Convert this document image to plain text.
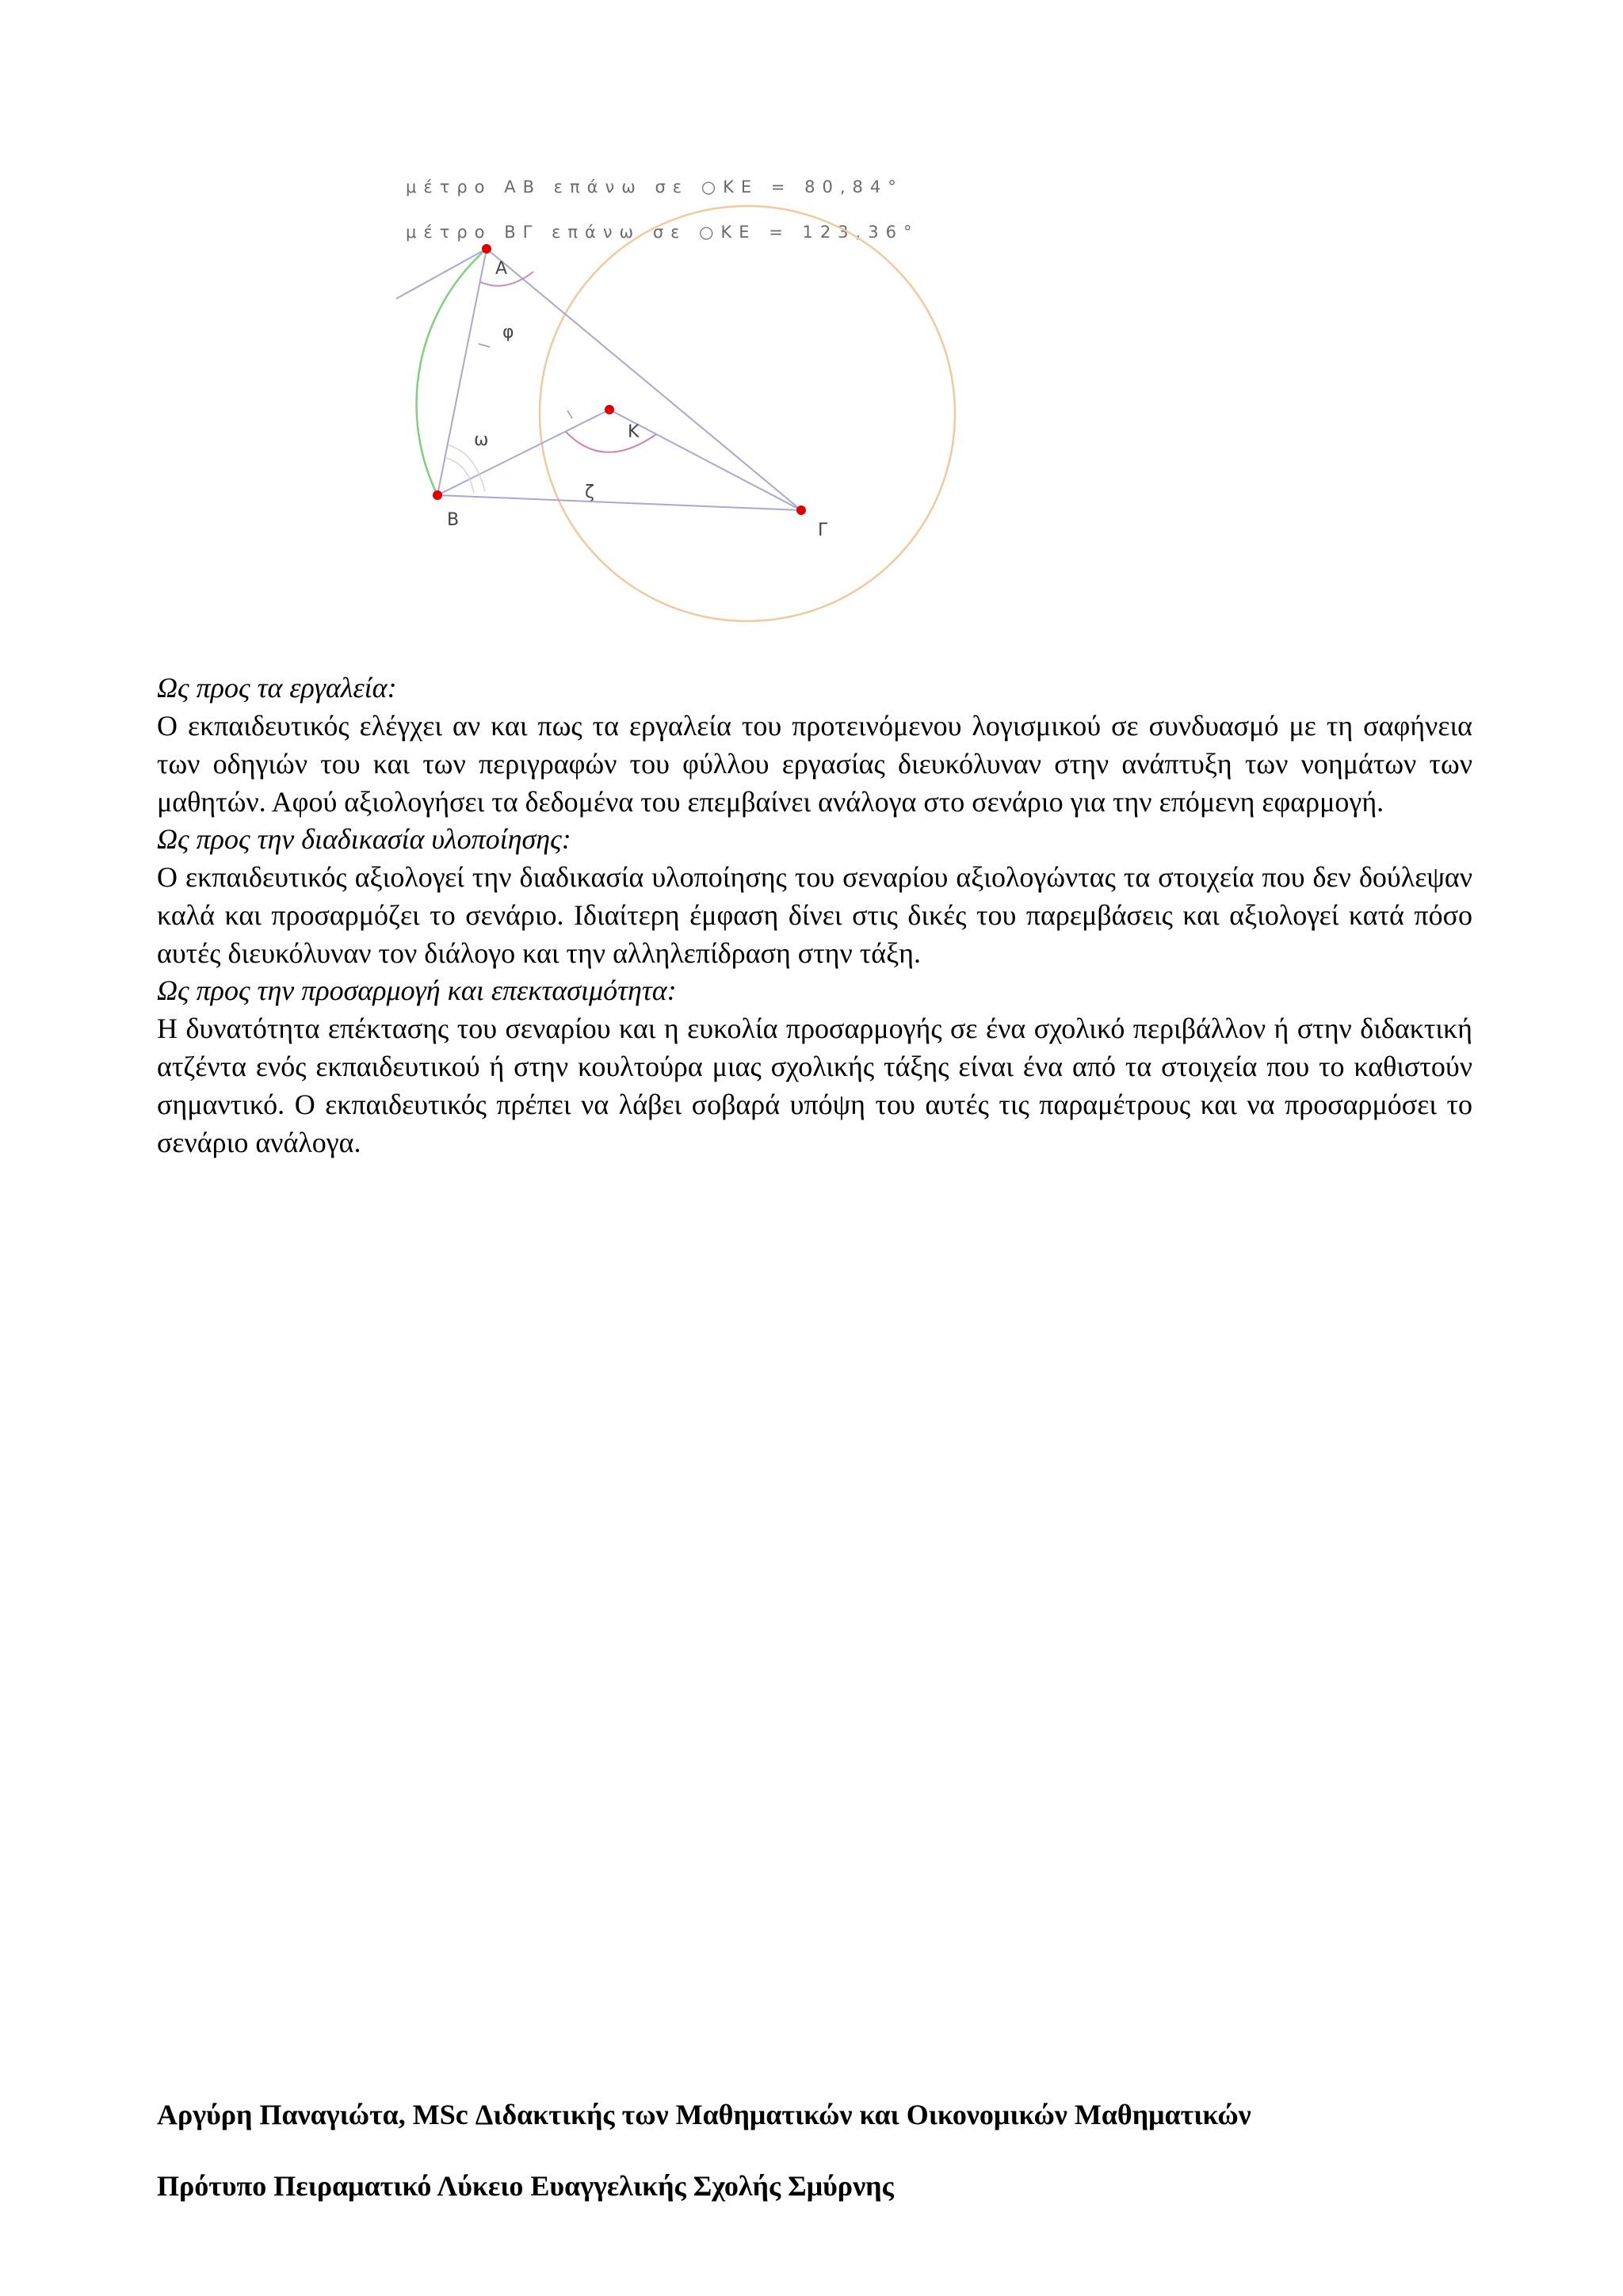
μέτρο ΑΒ επάνω σε ○ΚΕ = 80,84°
μέτρο ΒΓ επάνω σε ○ΚΕ = 123,36°
Α
Β
Γ
Κ
φ
ω
ζ

Ως προς τα εργαλεία:

Ο εκπαιδευτικός ελέγχει αν και πως τα εργαλεία του προτεινόμενου λογισμικού σε συνδυασμό με τη σαφήνεια των οδηγιών του και των περιγραφών του φύλλου εργασίας διευκόλυναν στην ανάπτυξη των νοημάτων των μαθητών. Αφού αξιολογήσει τα δεδομένα του επεμβαίνει ανάλογα στο σενάριο για την επόμενη εφαρμογή.

Ως προς την διαδικασία υλοποίησης:

Ο εκπαιδευτικός αξιολογεί την διαδικασία υλοποίησης του σεναρίου αξιολογώντας τα στοιχεία που δεν δούλεψαν καλά και προσαρμόζει το σενάριο. Ιδιαίτερη έμφαση δίνει στις δικές του παρεμβάσεις και αξιολογεί κατά πόσο αυτές διευκόλυναν τον διάλογο και την αλληλεπίδραση στην τάξη.

Ως προς την προσαρμογή και επεκτασιμότητα:

Η δυνατότητα επέκτασης του σεναρίου και η ευκολία προσαρμογής σε ένα σχολικό περιβάλλον ή στην διδακτική ατζέντα ενός εκπαιδευτικού ή στην κουλτούρα μιας σχολικής τάξης είναι ένα από τα στοιχεία που το καθιστούν σημαντικό. Ο εκπαιδευτικός πρέπει να λάβει σοβαρά υπόψη του αυτές τις παραμέτρους και να προσαρμόσει το σενάριο ανάλογα.

Αργύρη Παναγιώτα, MSc Διδακτικής των Μαθηματικών και Οικονομικών Μαθηματικών
Πρότυπο Πειραματικό Λύκειο Ευαγγελικής Σχολής Σμύρνης
